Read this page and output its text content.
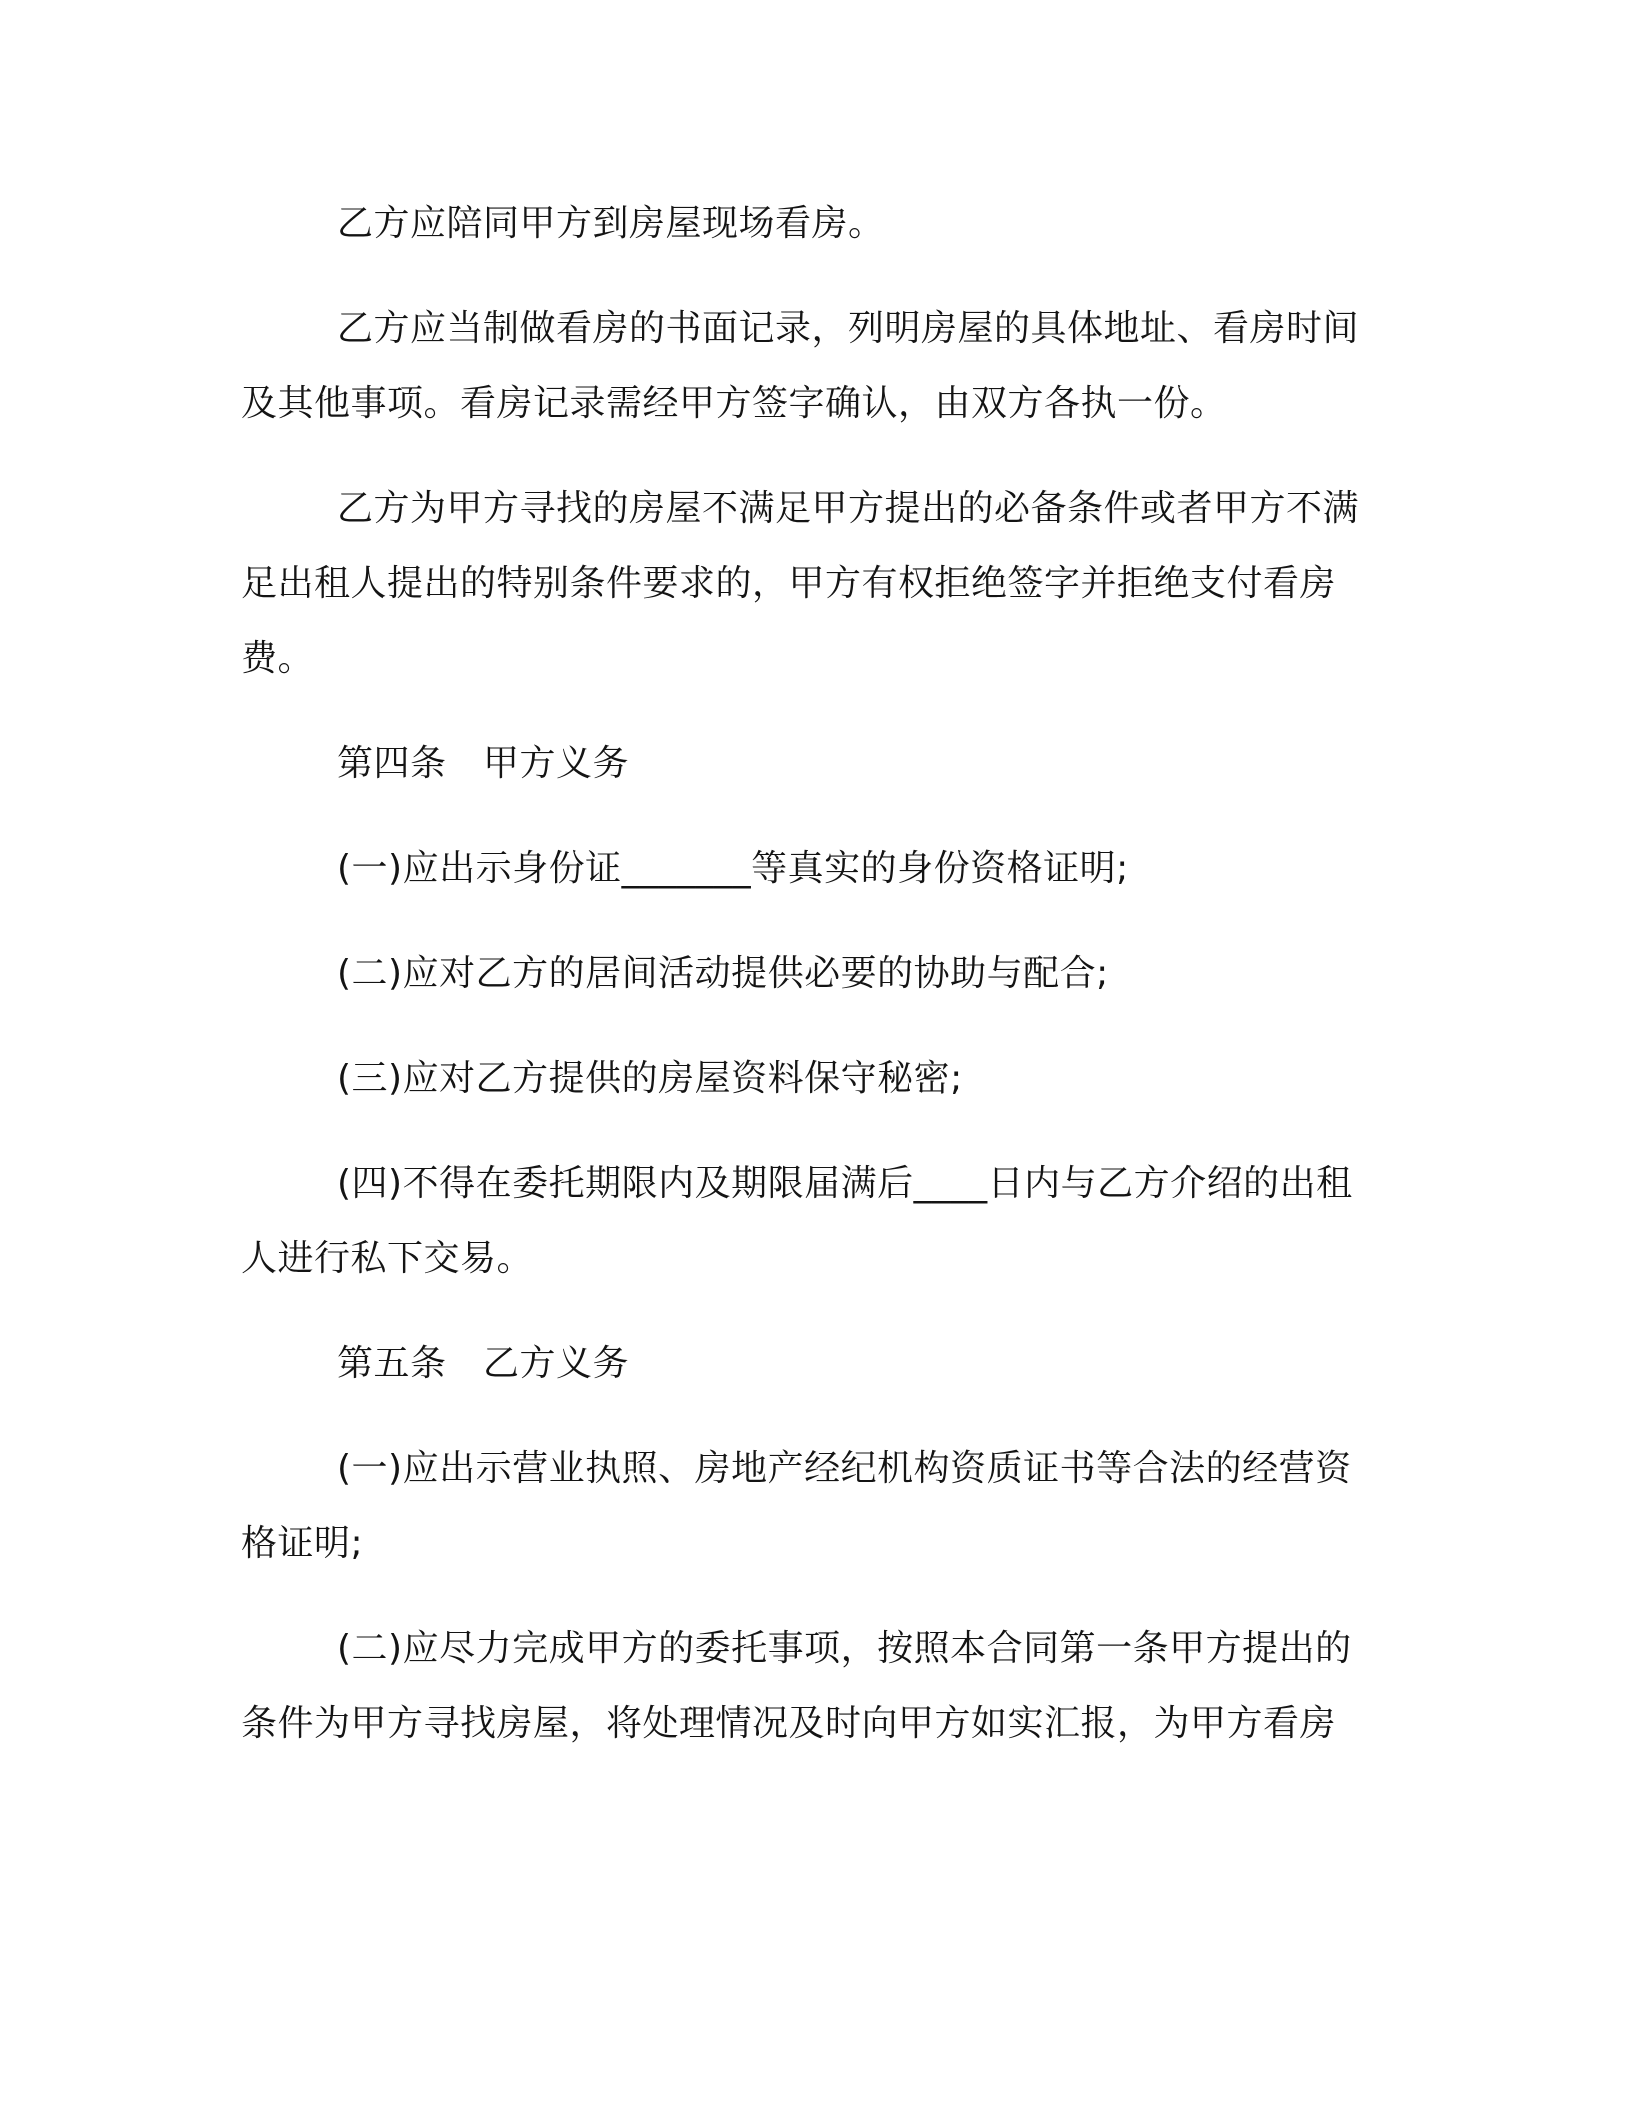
乙方应陪同甲方到房屋现场看房。

乙方应当制做看房的书面记录，列明房屋的具体地址、看房时间及其他事项。看房记录需经甲方签字确认，由双方各执一份。

乙方为甲方寻找的房屋不满足甲方提出的必备条件或者甲方不满足出租人提出的特别条件要求的，甲方有权拒绝签字并拒绝支付看房费。

第四条　甲方义务

(一)应出示身份证_______等真实的身份资格证明;

(二)应对乙方的居间活动提供必要的协助与配合;

(三)应对乙方提供的房屋资料保守秘密;

(四)不得在委托期限内及期限届满后____日内与乙方介绍的出租人进行私下交易。

第五条　乙方义务

(一)应出示营业执照、房地产经纪机构资质证书等合法的经营资格证明;

(二)应尽力完成甲方的委托事项，按照本合同第一条甲方提出的条件为甲方寻找房屋，将处理情况及时向甲方如实汇报，为甲方看房
